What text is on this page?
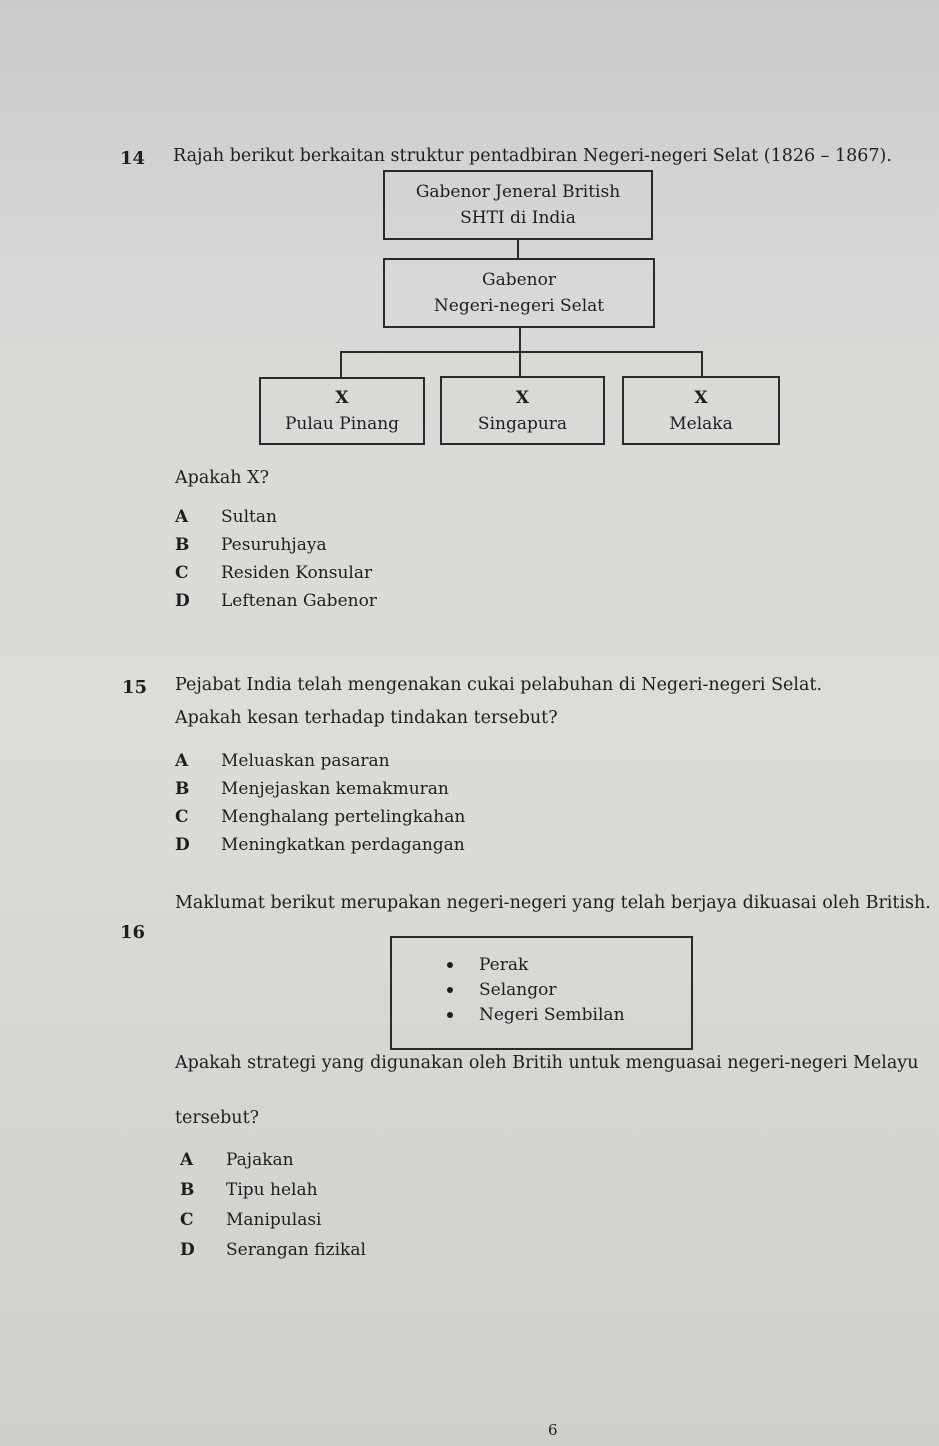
14 Rajah berikut berkaitan struktur pentadbiran Negeri-negeri Selat (1826 – 1867).
Gabenor Jeneral British
SHTI di India
Gabenor
Negeri-negeri Selat
X
Pulau Pinang
X
Singapura
X
Melaka
Apakah X?
A Sultan
B Pesuruhjaya
C Residen Konsular
D Leftenan Gabenor
15 Pejabat India telah mengenakan cukai pelabuhan di Negeri-negeri Selat.
Apakah kesan terhadap tindakan tersebut?
A Meluaskan pasaran
B Menjejaskan kemakmuran
C Menghalang pertelingkahan
D Meningkatkan perdagangan
16
Maklumat berikut merupakan negeri-negeri yang telah berjaya dikuasai oleh British.
Perak
Selangor
Negeri Sembilan
Apakah strategi yang digunakan oleh Britih untuk menguasai negeri-negeri Melayu
tersebut?
A Pajakan
B Tipu helah
C Manipulasi
D Serangan fizikal
6
